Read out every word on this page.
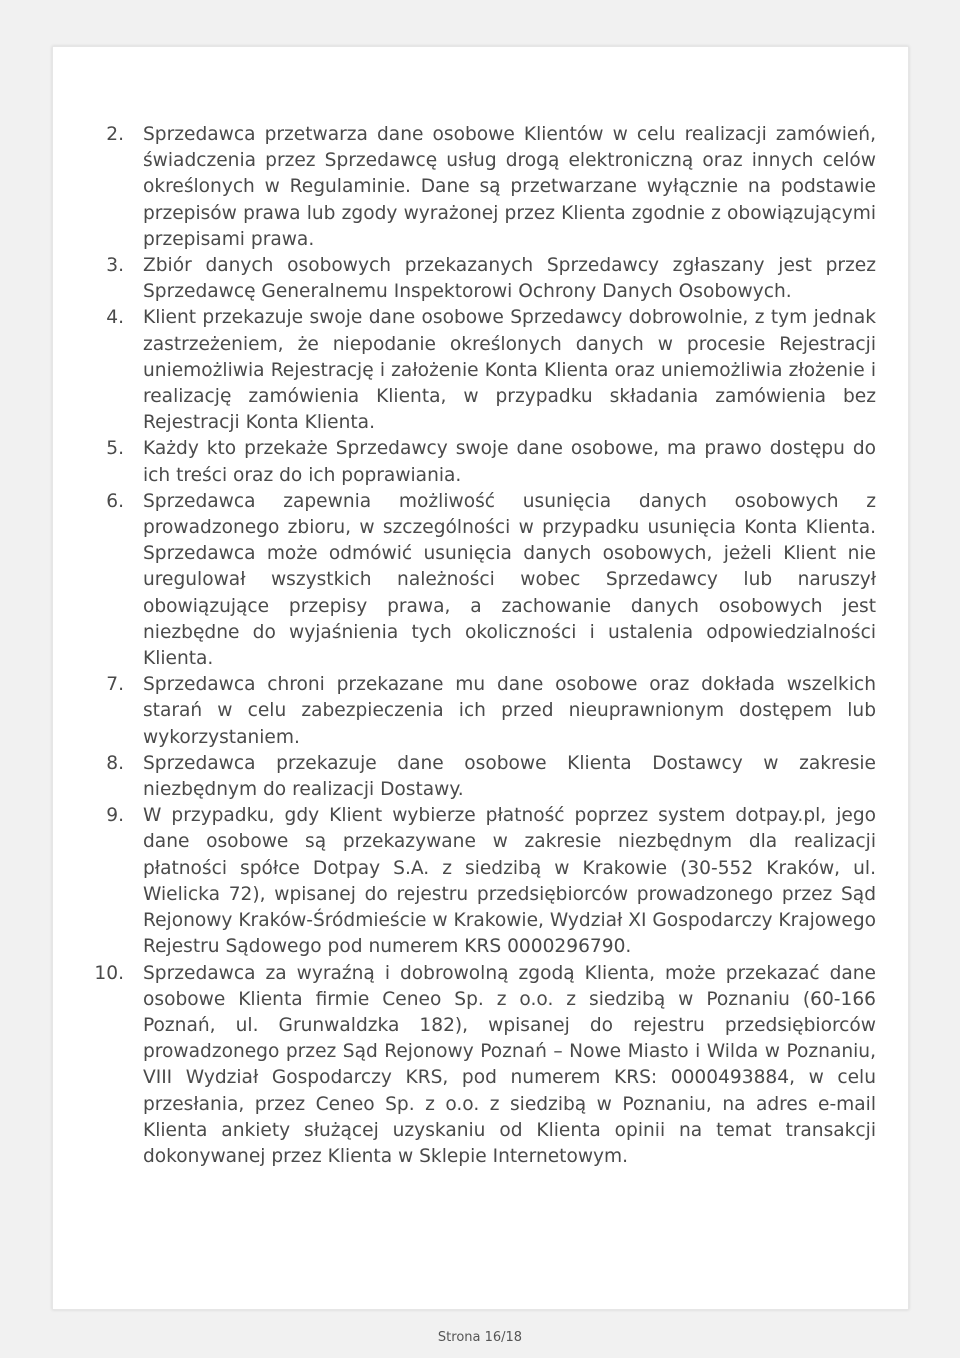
2. Sprzedawca przetwarza dane osobowe Klientów w celu realizacji zamówień, świadczenia przez Sprzedawcę usług drogą elektroniczną oraz innych celów określonych w Regulaminie. Dane są przetwarzane wyłącznie na podstawie przepisów prawa lub zgody wyrażonej przez Klienta zgodnie z obowiązującymi przepisami prawa.
3. Zbiór danych osobowych przekazanych Sprzedawcy zgłaszany jest przez Sprzedawcę Generalnemu Inspektorowi Ochrony Danych Osobowych.
4. Klient przekazuje swoje dane osobowe Sprzedawcy dobrowolnie, z tym jednak zastrzeżeniem, że niepodanie określonych danych w procesie Rejestracji uniemożliwia Rejestrację i założenie Konta Klienta oraz uniemożliwia złożenie i realizację zamówienia Klienta, w przypadku składania zamówienia bez Rejestracji Konta Klienta.
5. Każdy kto przekaże Sprzedawcy swoje dane osobowe, ma prawo dostępu do ich treści oraz do ich poprawiania.
6. Sprzedawca zapewnia możliwość usunięcia danych osobowych z prowadzonego zbioru, w szczególności w przypadku usunięcia Konta Klienta. Sprzedawca może odmówić usunięcia danych osobowych, jeżeli Klient nie uregulował wszystkich należności wobec Sprzedawcy lub naruszył obowiązujące przepisy prawa, a zachowanie danych osobowych jest niezbędne do wyjaśnienia tych okoliczności i ustalenia odpowiedzialności Klienta.
7. Sprzedawca chroni przekazane mu dane osobowe oraz dokłada wszelkich starań w celu zabezpieczenia ich przed nieuprawnionym dostępem lub wykorzystaniem.
8. Sprzedawca przekazuje dane osobowe Klienta Dostawcy w zakresie niezbędnym do realizacji Dostawy.
9. W przypadku, gdy Klient wybierze płatność poprzez system dotpay.pl, jego dane osobowe są przekazywane w zakresie niezbędnym dla realizacji płatności spółce Dotpay S.A. z siedzibą w Krakowie (30-552 Kraków, ul. Wielicka 72), wpisanej do rejestru przedsiębiorców prowadzonego przez Sąd Rejonowy Kraków-Śródmieście w Krakowie, Wydział XI Gospodarczy Krajowego Rejestru Sądowego pod numerem KRS 0000296790.
10. Sprzedawca za wyraźną i dobrowolną zgodą Klienta, może przekazać dane osobowe Klienta firmie Ceneo Sp. z o.o. z siedzibą w Poznaniu (60-166 Poznań, ul. Grunwaldzka 182), wpisanej do rejestru przedsiębiorców prowadzonego przez Sąd Rejonowy Poznań – Nowe Miasto i Wilda w Poznaniu, VIII Wydział Gospodarczy KRS, pod numerem KRS: 0000493884, w celu przesłania, przez Ceneo Sp. z o.o. z siedzibą w Poznaniu, na adres e-mail Klienta ankiety służącej uzyskaniu od Klienta opinii na temat transakcji dokonywanej przez Klienta w Sklepie Internetowym.
Strona 16/18
